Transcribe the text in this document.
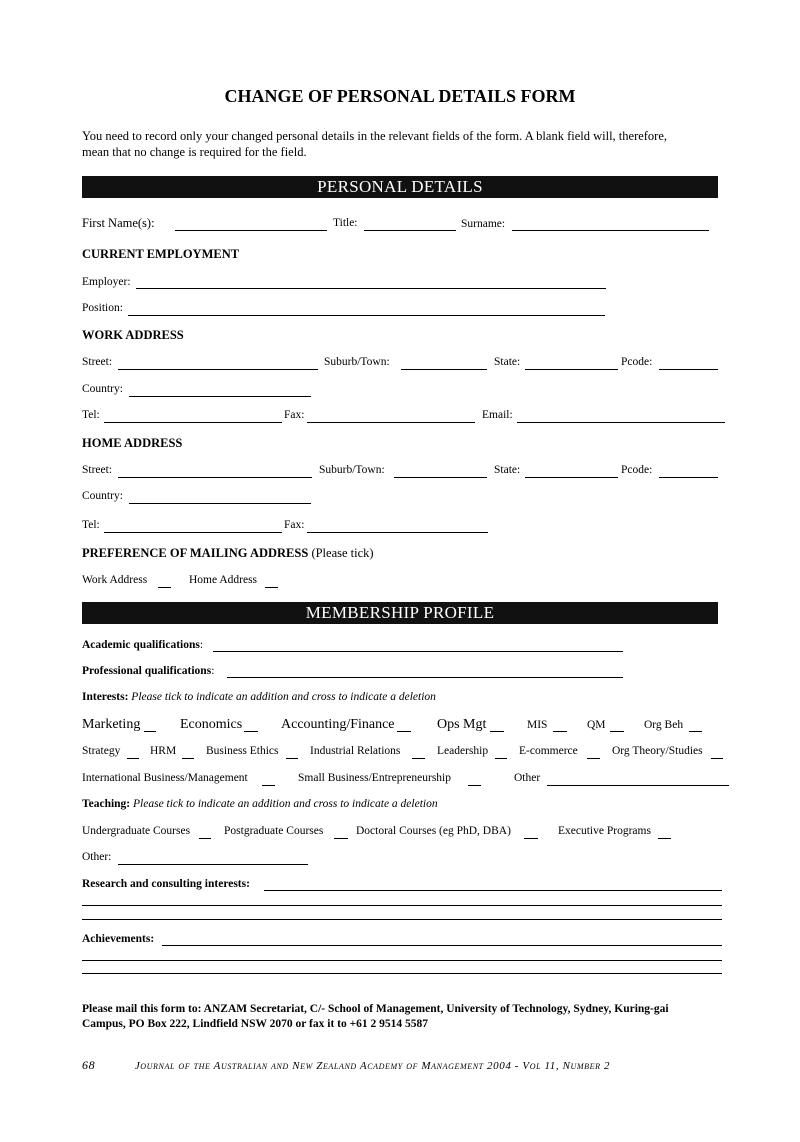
CHANGE OF PERSONAL DETAILS FORM
You need to record only your changed personal details in the relevant fields of the form. A blank field will, therefore,
mean that no change is required for the field.
PERSONAL DETAILS
First Name(s):	Title:	Surname:
CURRENT EMPLOYMENT
Employer:
Position:
WORK ADDRESS
Street:	Suburb/Town:	State:	Pcode:
Country:
Tel:	Fax:	Email:
HOME ADDRESS
Street:	Suburb/Town:	State:	Pcode:
Country:
Tel:	Fax:
PREFERENCE OF MAILING ADDRESS (Please tick)
Work Address	Home Address
MEMBERSHIP PROFILE
Academic qualifications:
Professional qualifications:
Interests: Please tick to indicate an addition and cross to indicate a deletion
Marketing	Economics	Accounting/Finance	Ops Mgt	MIS	QM	Org Beh
Strategy	HRM	Business Ethics	Industrial Relations	Leadership	E-commerce	Org Theory/Studies
International Business/Management	Small Business/Entrepreneurship	Other
Teaching: Please tick to indicate an addition and cross to indicate a deletion
Undergraduate Courses	Postgraduate Courses	Doctoral Courses (eg PhD, DBA)	Executive Programs
Other:
Research and consulting interests:
Achievements:
Please mail this form to: ANZAM Secretariat, C/- School of Management, University of Technology, Sydney, Kuring-gai
Campus, PO Box 222, Lindfield NSW 2070 or fax it to +61 2 9514 5587
68	Journal of the Australian and New Zealand Academy of Management 2004 - Vol 11, Number 2
